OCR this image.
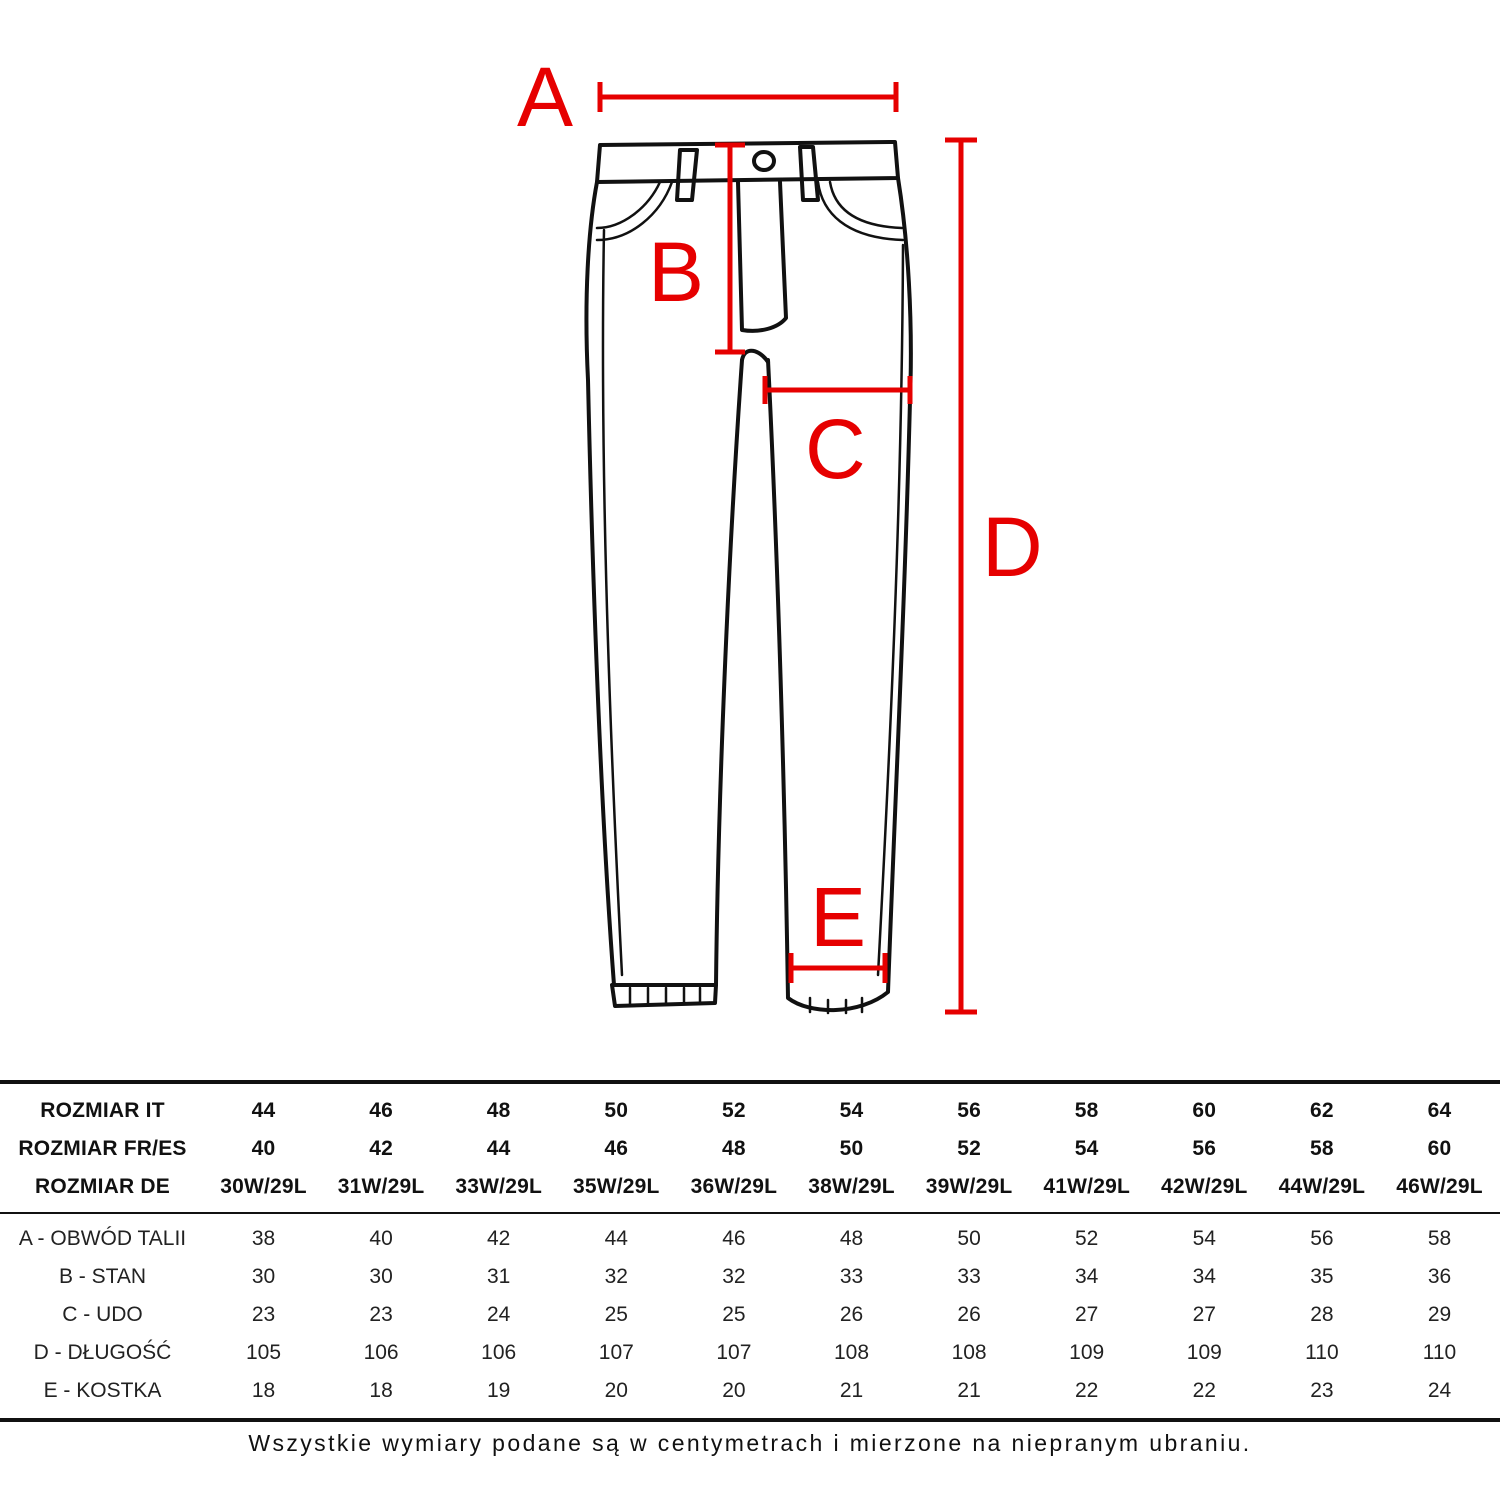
A
B
C
D
E
ROZMIAR IT	44	46	48	50	52	54	56	58	60	62	64
ROZMIAR FR/ES	40	42	44	46	48	50	52	54	56	58	60
ROZMIAR DE	30W/29L	31W/29L	33W/29L	35W/29L	36W/29L	38W/29L	39W/29L	41W/29L	42W/29L	44W/29L	46W/29L
A - OBWÓD TALII	38	40	42	44	46	48	50	52	54	56	58
B - STAN	30	30	31	32	32	33	33	34	34	35	36
C - UDO	23	23	24	25	25	26	26	27	27	28	29
D - DŁUGOŚĆ	105	106	106	107	107	108	108	109	109	110	110
E - KOSTKA	18	18	19	20	20	21	21	22	22	23	24
Wszystkie wymiary podane są w centymetrach i mierzone na niepranym ubraniu.
